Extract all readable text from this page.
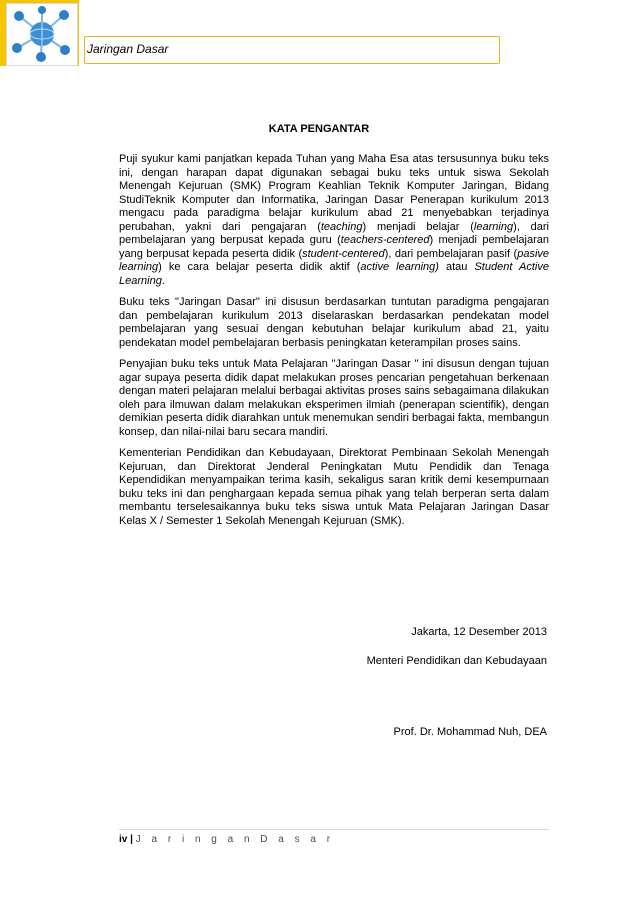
Jaringan Dasar
KATA PENGANTAR

Puji syukur kami panjatkan kepada Tuhan yang Maha Esa atas tersusunnya buku teks ini, dengan harapan dapat digunakan sebagai buku teks untuk siswa Sekolah Menengah Kejuruan (SMK) Program Keahlian Teknik Komputer Jaringan, Bidang StudiTeknik Komputer dan Informatika, Jaringan Dasar Penerapan kurikulum 2013 mengacu pada paradigma belajar kurikulum abad 21 menyebabkan terjadinya perubahan, yakni dari pengajaran (teaching) menjadi belajar (learning), dari pembelajaran yang berpusat kepada guru (teachers-centered) menjadi pembelajaran yang berpusat kepada peserta didik (student-centered), dari pembelajaran pasif (pasive learning) ke cara belajar peserta didik aktif (active learning) atau Student Active Learning.

Buku teks "Jaringan Dasar" ini disusun berdasarkan tuntutan paradigma pengajaran dan pembelajaran kurikulum 2013 diselaraskan berdasarkan pendekatan model pembelajaran yang sesuai dengan kebutuhan belajar kurikulum abad 21, yaitu pendekatan model pembelajaran berbasis peningkatan keterampilan proses sains.

Penyajian buku teks untuk Mata Pelajaran "Jaringan Dasar " ini disusun dengan tujuan agar supaya peserta didik dapat melakukan proses pencarian pengetahuan berkenaan dengan materi pelajaran melalui berbagai aktivitas proses sains sebagaimana dilakukan oleh para ilmuwan dalam melakukan eksperimen ilmiah (penerapan scientifik), dengan demikian peserta didik diarahkan untuk menemukan sendiri berbagai fakta, membangun konsep, dan nilai-nilai baru secara mandiri.

Kementerian Pendidikan dan Kebudayaan, Direktorat Pembinaan Sekolah Menengah Kejuruan, dan Direktorat Jenderal Peningkatan Mutu Pendidik dan Tenaga Kependidikan menyampaikan terima kasih, sekaligus saran kritik demi kesempurnaan buku teks ini dan penghargaan kepada semua pihak yang telah berperan serta dalam membantu terselesaikannya buku teks siswa untuk Mata Pelajaran Jaringan Dasar Kelas X / Semester 1 Sekolah Menengah Kejuruan (SMK).

Jakarta, 12 Desember 2013
Menteri Pendidikan dan Kebudayaan
Prof. Dr. Mohammad Nuh, DEA
iv | J a r i n g a n D a s a r
